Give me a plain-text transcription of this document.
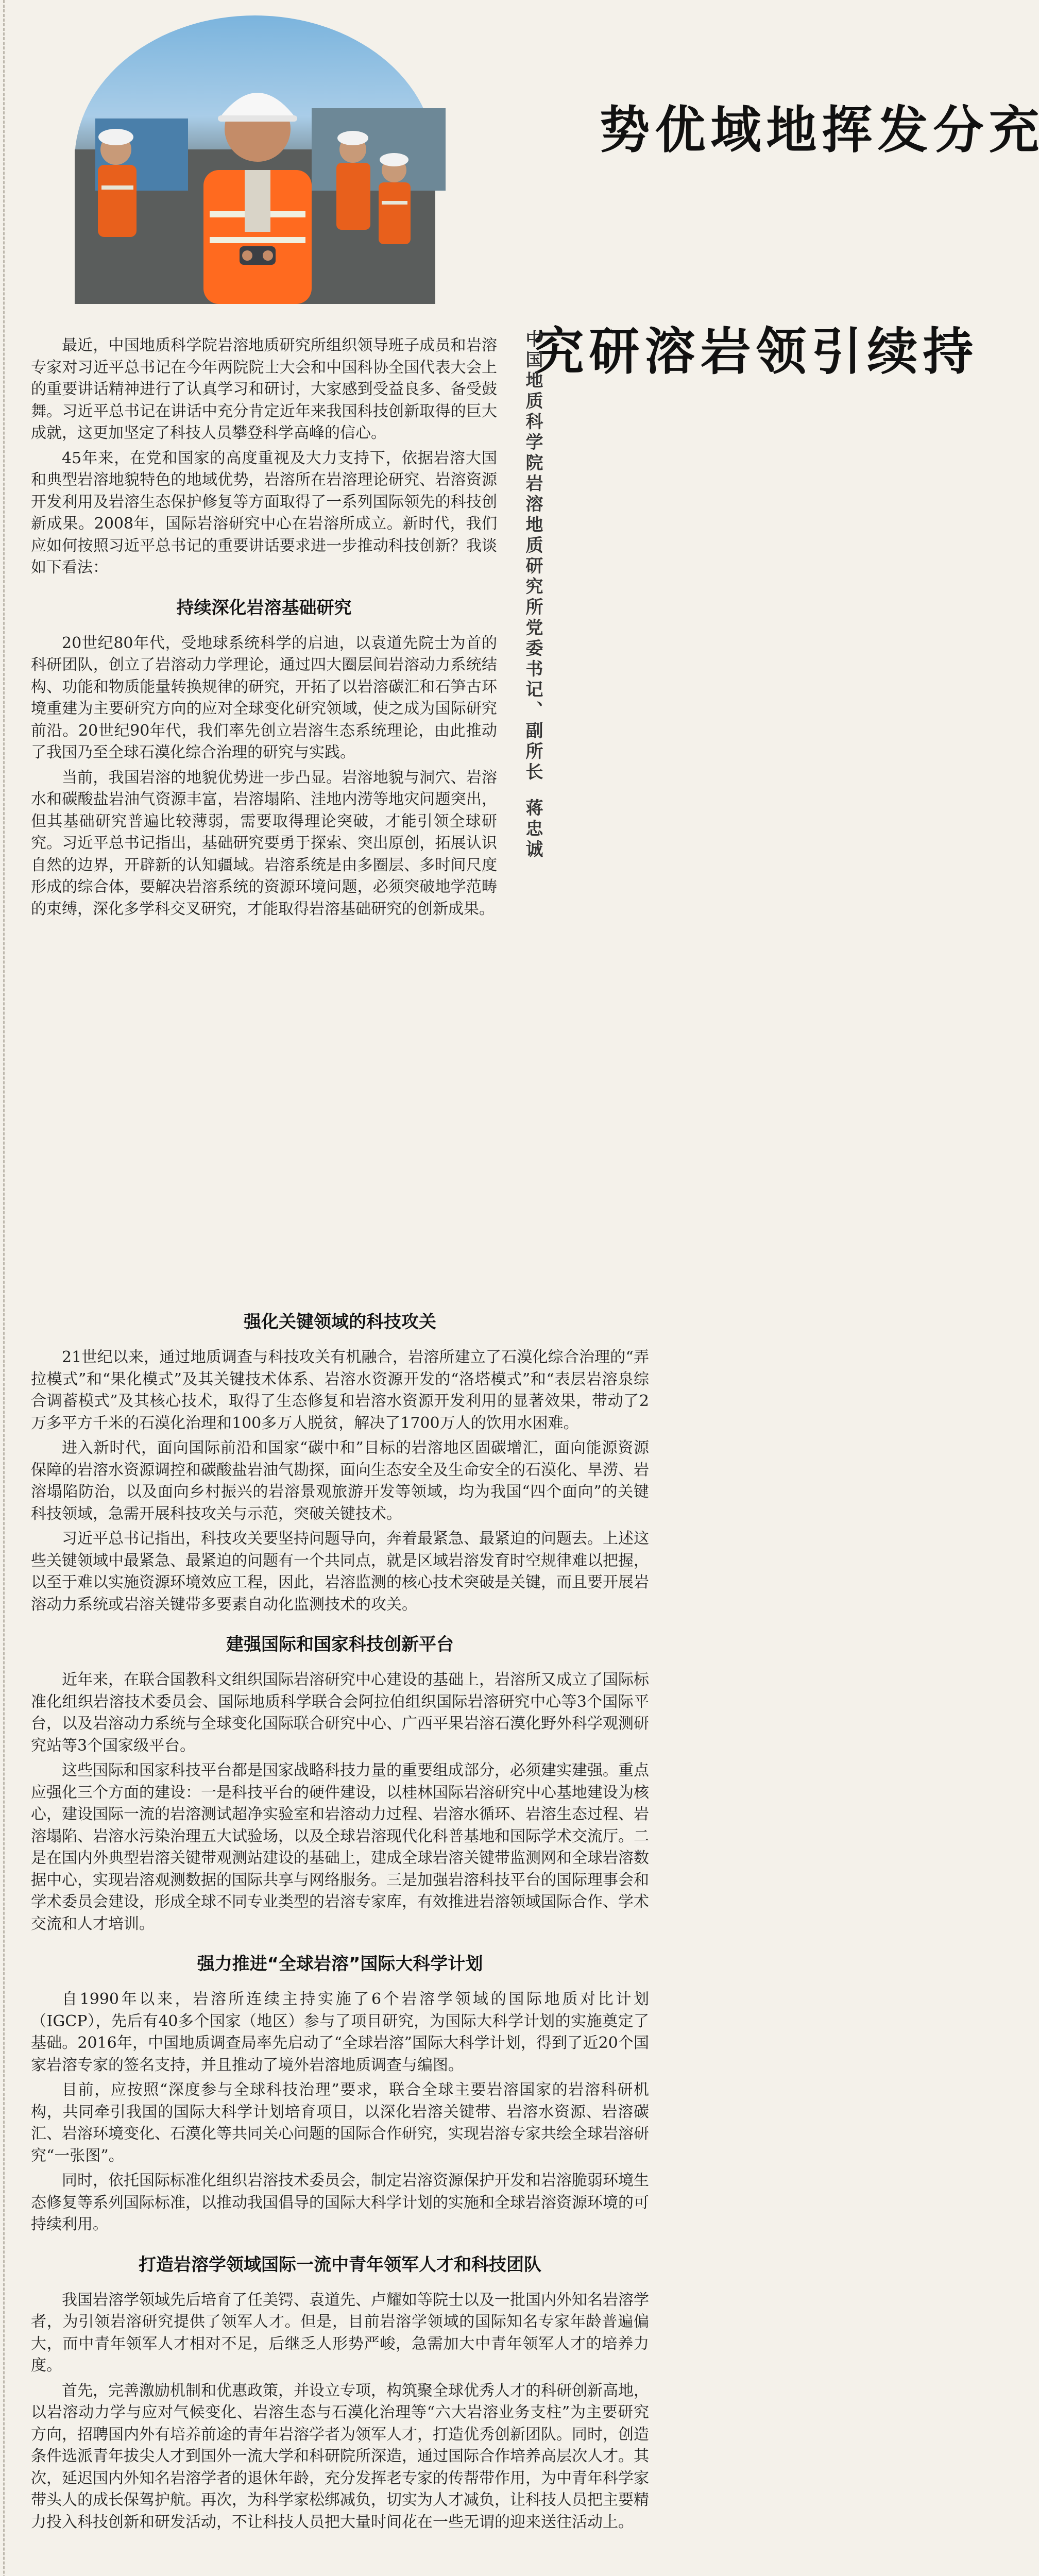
充分发挥地域优势
持续引领岩溶研究
中国地质科学院岩溶地质研究所党委书记、副所长蒋忠诚

最近，中国地质科学院岩溶地质研究所组织领导班子成员和岩溶专家对习近平总书记在今年两院院士大会和中国科协全国代表大会上的重要讲话精神进行了认真学习和研讨，大家感到受益良多、备受鼓舞。习近平总书记在讲话中充分肯定近年来我国科技创新取得的巨大成就，这更加坚定了科技人员攀登科学高峰的信心。

45年来，在党和国家的高度重视及大力支持下，依据岩溶大国和典型岩溶地貌特色的地域优势，岩溶所在岩溶理论研究、岩溶资源开发利用及岩溶生态保护修复等方面取得了一系列国际领先的科技创新成果。2008年，国际岩溶研究中心在岩溶所成立。新时代，我们应如何按照习近平总书记的重要讲话要求进一步推动科技创新？我谈如下看法：

持续深化岩溶基础研究

20世纪80年代，受地球系统科学的启迪，以袁道先院士为首的科研团队，创立了岩溶动力学理论，通过四大圈层间岩溶动力系统结构、功能和物质能量转换规律的研究，开拓了以岩溶碳汇和石笋古环境重建为主要研究方向的应对全球变化研究领域，使之成为国际研究前沿。20世纪90年代，我们率先创立岩溶生态系统理论，由此推动了我国乃至全球石漠化综合治理的研究与实践。

当前，我国岩溶的地貌优势进一步凸显。岩溶地貌与洞穴、岩溶水和碳酸盐岩油气资源丰富，岩溶塌陷、洼地内涝等地灾问题突出，但其基础研究普遍比较薄弱，需要取得理论突破，才能引领全球研究。习近平总书记指出，基础研究要勇于探索、突出原创，拓展认识自然的边界，开辟新的认知疆域。岩溶系统是由多圈层、多时间尺度形成的综合体，要解决岩溶系统的资源环境问题，必须突破地学范畴的束缚，深化多学科交叉研究，才能取得岩溶基础研究的创新成果。

强化关键领域的科技攻关

21世纪以来，通过地质调查与科技攻关有机融合，岩溶所建立了石漠化综合治理的“弄拉模式”和“果化模式”及其关键技术体系、岩溶水资源开发的“洛塔模式”和“表层岩溶泉综合调蓄模式”及其核心技术，取得了生态修复和岩溶水资源开发利用的显著效果，带动了2万多平方千米的石漠化治理和100多万人脱贫，解决了1700万人的饮用水困难。

进入新时代，面向国际前沿和国家“碳中和”目标的岩溶地区固碳增汇，面向能源资源保障的岩溶水资源调控和碳酸盐岩油气勘探，面向生态安全及生命安全的石漠化、旱涝、岩溶塌陷防治，以及面向乡村振兴的岩溶景观旅游开发等领域，均为我国“四个面向”的关键科技领域，急需开展科技攻关与示范，突破关键技术。

习近平总书记指出，科技攻关要坚持问题导向，奔着最紧急、最紧迫的问题去。上述这些关键领域中最紧急、最紧迫的问题有一个共同点，就是区域岩溶发育时空规律难以把握，以至于难以实施资源环境效应工程，因此，岩溶监测的核心技术突破是关键，而且要开展岩溶动力系统或岩溶关键带多要素自动化监测技术的攻关。

建强国际和国家科技创新平台

近年来，在联合国教科文组织国际岩溶研究中心建设的基础上，岩溶所又成立了国际标准化组织岩溶技术委员会、国际地质科学联合会阿拉伯组织国际岩溶研究中心等3个国际平台，以及岩溶动力系统与全球变化国际联合研究中心、广西平果岩溶石漠化野外科学观测研究站等3个国家级平台。

这些国际和国家科技平台都是国家战略科技力量的重要组成部分，必须建实建强。重点应强化三个方面的建设：一是科技平台的硬件建设，以桂林国际岩溶研究中心基地建设为核心，建设国际一流的岩溶测试超净实验室和岩溶动力过程、岩溶水循环、岩溶生态过程、岩溶塌陷、岩溶水污染治理五大试验场，以及全球岩溶现代化科普基地和国际学术交流厅。二是在国内外典型岩溶关键带观测站建设的基础上，建成全球岩溶关键带监测网和全球岩溶数据中心，实现岩溶观测数据的国际共享与网络服务。三是加强岩溶科技平台的国际理事会和学术委员会建设，形成全球不同专业类型的岩溶专家库，有效推进岩溶领域国际合作、学术交流和人才培训。

强力推进“全球岩溶”国际大科学计划

自1990年以来，岩溶所连续主持实施了6个岩溶学领域的国际地质对比计划（IGCP），先后有40多个国家（地区）参与了项目研究，为国际大科学计划的实施奠定了基础。2016年，中国地质调查局率先启动了“全球岩溶”国际大科学计划，得到了近20个国家岩溶专家的签名支持，并且推动了境外岩溶地质调查与编图。

目前，应按照“深度参与全球科技治理”要求，联合全球主要岩溶国家的岩溶科研机构，共同牵引我国的国际大科学计划培育项目，以深化岩溶关键带、岩溶水资源、岩溶碳汇、岩溶环境变化、石漠化等共同关心问题的国际合作研究，实现岩溶专家共绘全球岩溶研究“一张图”。

同时，依托国际标准化组织岩溶技术委员会，制定岩溶资源保护开发和岩溶脆弱环境生态修复等系列国际标准，以推动我国倡导的国际大科学计划的实施和全球岩溶资源环境的可持续利用。

打造岩溶学领域国际一流中青年领军人才和科技团队

我国岩溶学领域先后培育了任美锷、袁道先、卢耀如等院士以及一批国内外知名岩溶学者，为引领岩溶研究提供了领军人才。但是，目前岩溶学领域的国际知名专家年龄普遍偏大，而中青年领军人才相对不足，后继乏人形势严峻，急需加大中青年领军人才的培养力度。

首先，完善激励机制和优惠政策，并设立专项，构筑聚全球优秀人才的科研创新高地，以岩溶动力学与应对气候变化、岩溶生态与石漠化治理等“六大岩溶业务支柱”为主要研究方向，招聘国内外有培养前途的青年岩溶学者为领军人才，打造优秀创新团队。同时，创造条件选派青年拔尖人才到国外一流大学和科研院所深造，通过国际合作培养高层次人才。其次，延迟国内外知名岩溶学者的退休年龄，充分发挥老专家的传帮带作用，为中青年科学家带头人的成长保驾护航。再次，为科学家松绑减负，切实为人才减负，让科技人员把主要精力投入科技创新和研发活动，不让科技人员把大量时间花在一些无谓的迎来送往活动上。
